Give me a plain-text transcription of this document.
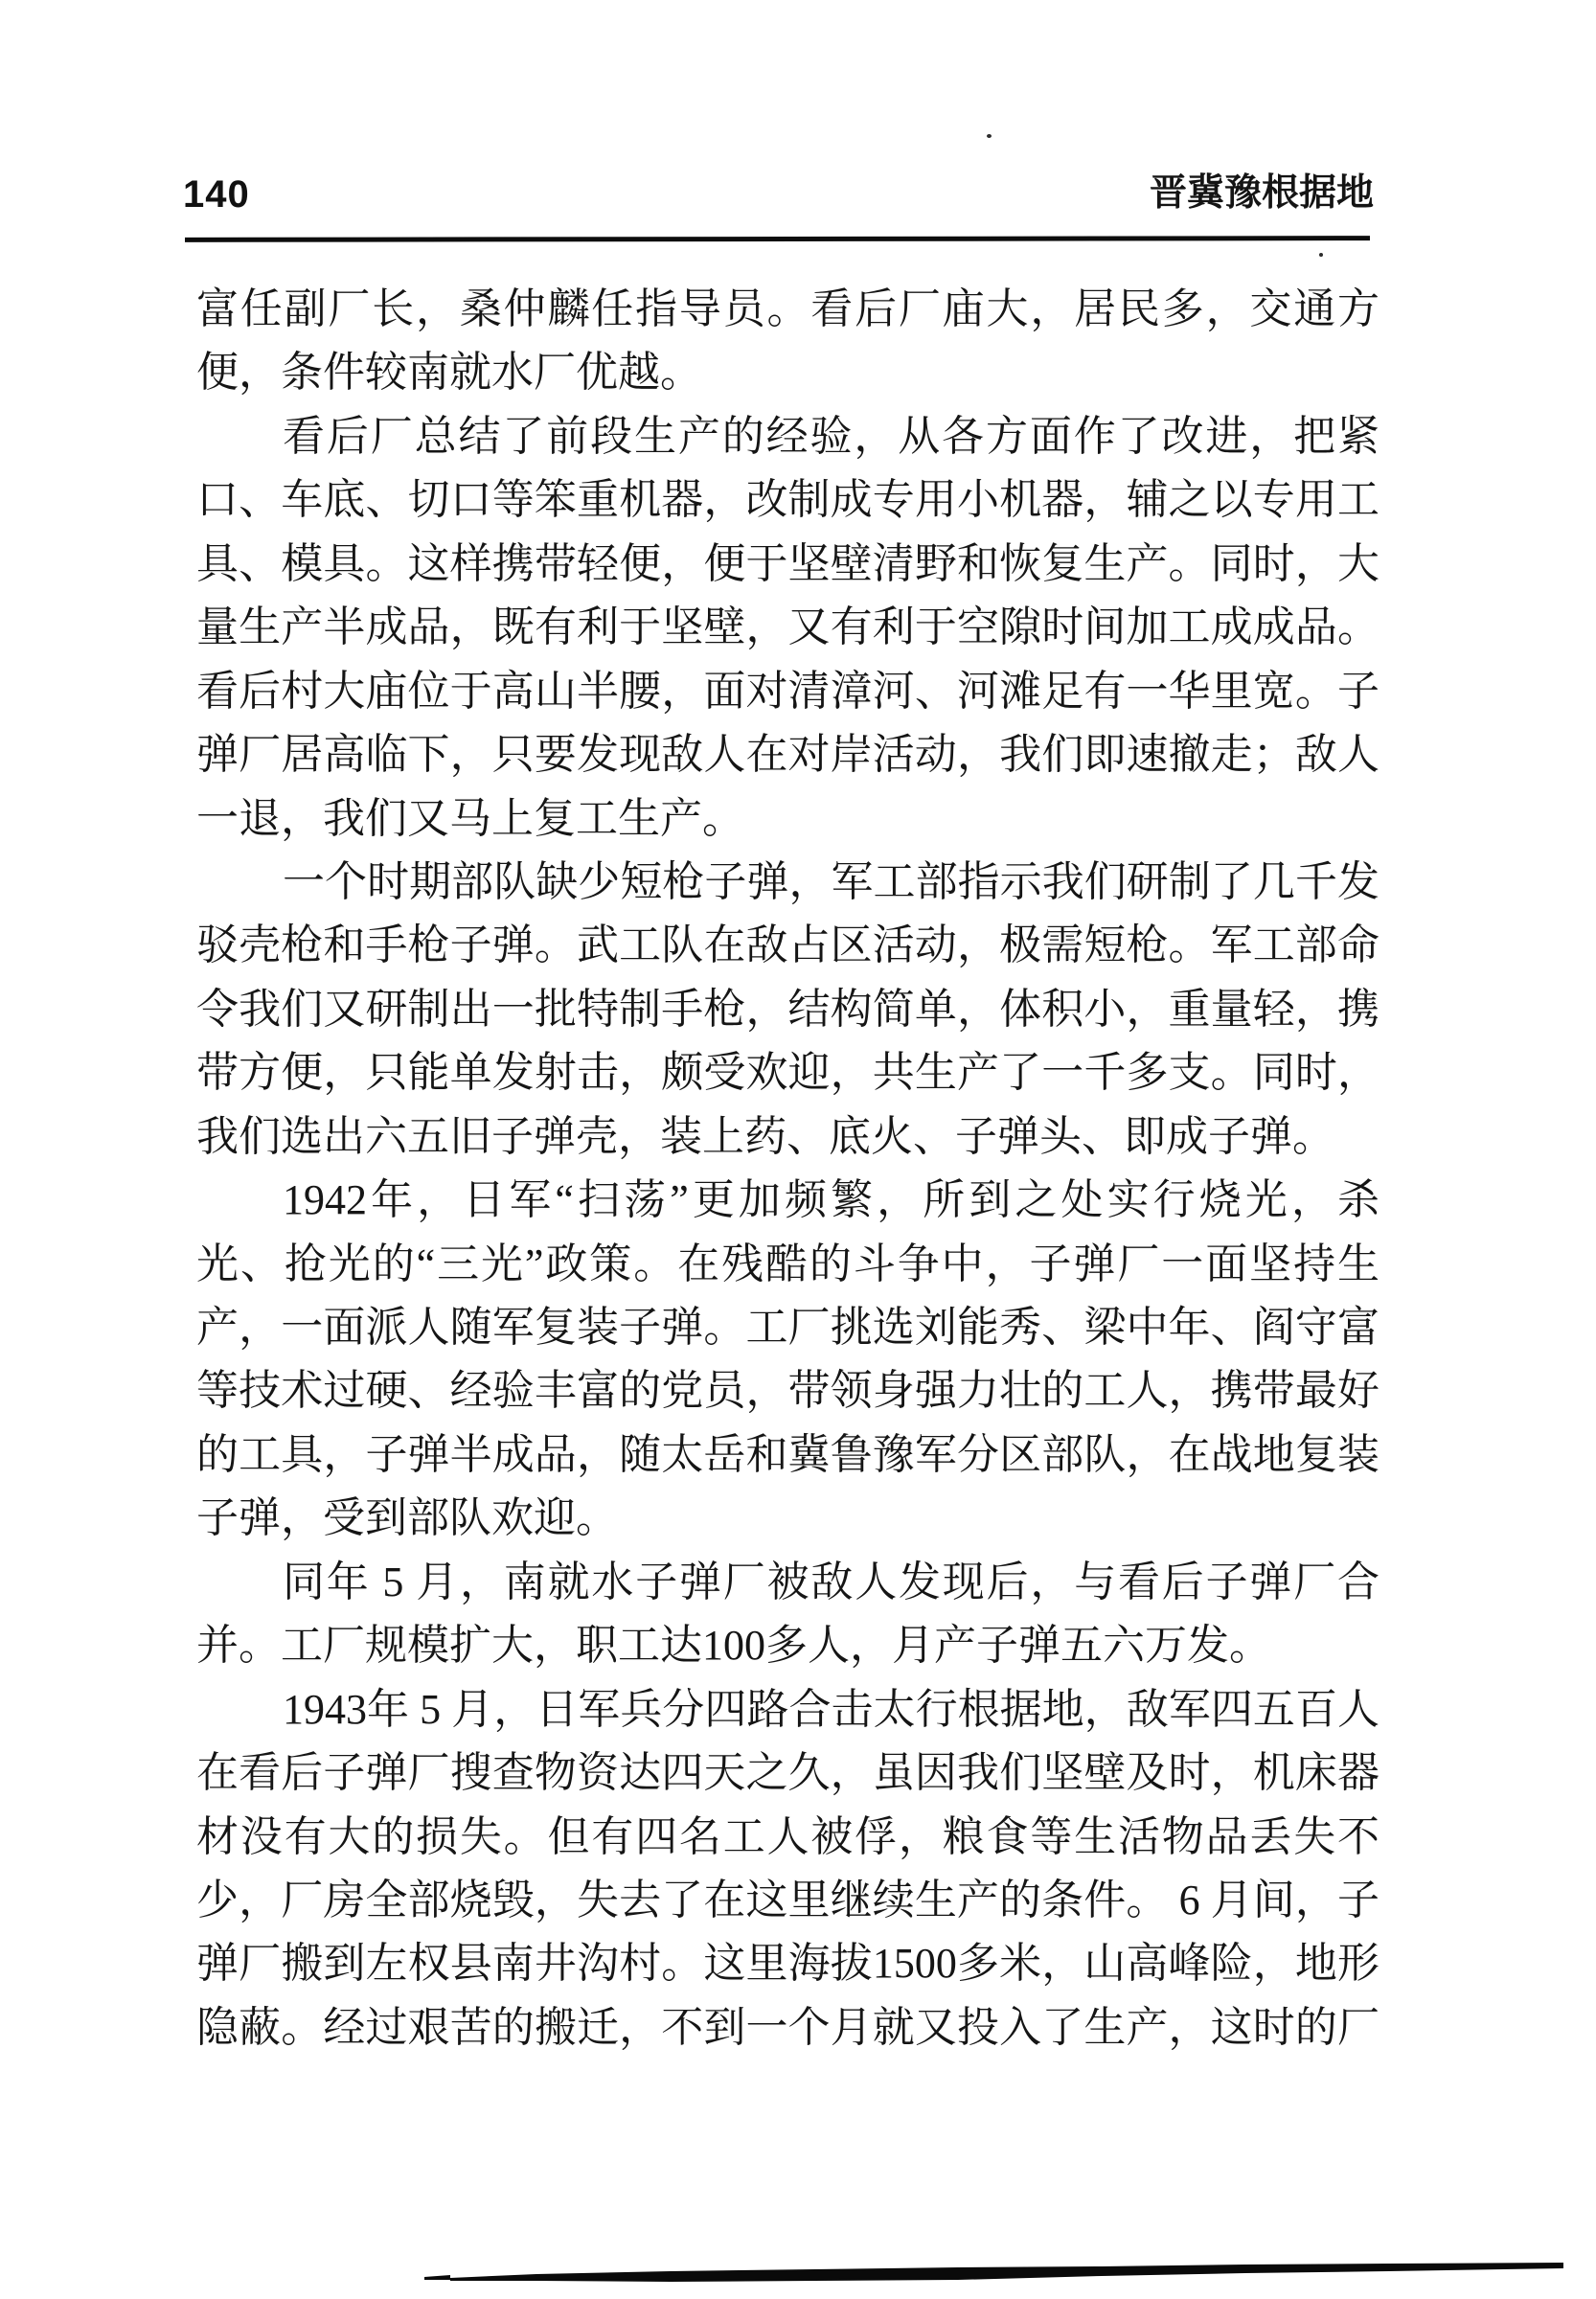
140	晋冀豫根据地
富任副厂长，桑仲麟任指导员。看后厂庙大，居民多，交通方
便，条件较南就水厂优越。
看后厂总结了前段生产的经验，从各方面作了改进，把紧
口、车底、切口等笨重机器，改制成专用小机器，辅之以专用工
具、模具。这样携带轻便，便于坚壁清野和恢复生产。同时，大
量生产半成品，既有利于坚壁，又有利于空隙时间加工成成品。
看后村大庙位于高山半腰，面对清漳河、河滩足有一华里宽。子
弹厂居高临下，只要发现敌人在对岸活动，我们即速撤走；敌人
一退，我们又马上复工生产。
一个时期部队缺少短枪子弹，军工部指示我们研制了几千发
驳壳枪和手枪子弹。武工队在敌占区活动，极需短枪。军工部命
令我们又研制出一批特制手枪，结构简单，体积小，重量轻，携
带方便，只能单发射击，颇受欢迎，共生产了一千多支。同时，
我们选出六五旧子弹壳，装上药、底火、子弹头、即成子弹。
1942年，日军“扫荡”更加频繁，所到之处实行烧光，杀
光、抢光的“三光”政策。在残酷的斗争中，子弹厂一面坚持生
产，一面派人随军复装子弹。工厂挑选刘能秀、梁中年、阎守富
等技术过硬、经验丰富的党员，带领身强力壮的工人，携带最好
的工具，子弹半成品，随太岳和冀鲁豫军分区部队，在战地复装
子弹，受到部队欢迎。
同年 5 月，南就水子弹厂被敌人发现后，与看后子弹厂合
并。工厂规模扩大，职工达100多人，月产子弹五六万发。
1943年 5 月，日军兵分四路合击太行根据地，敌军四五百人
在看后子弹厂搜查物资达四天之久，虽因我们坚壁及时，机床器
材没有大的损失。但有四名工人被俘，粮食等生活物品丢失不
少，厂房全部烧毁，失去了在这里继续生产的条件。 6 月间，子
弹厂搬到左权县南井沟村。这里海拔1500多米，山高峰险，地形
隐蔽。经过艰苦的搬迁，不到一个月就又投入了生产，这时的厂
